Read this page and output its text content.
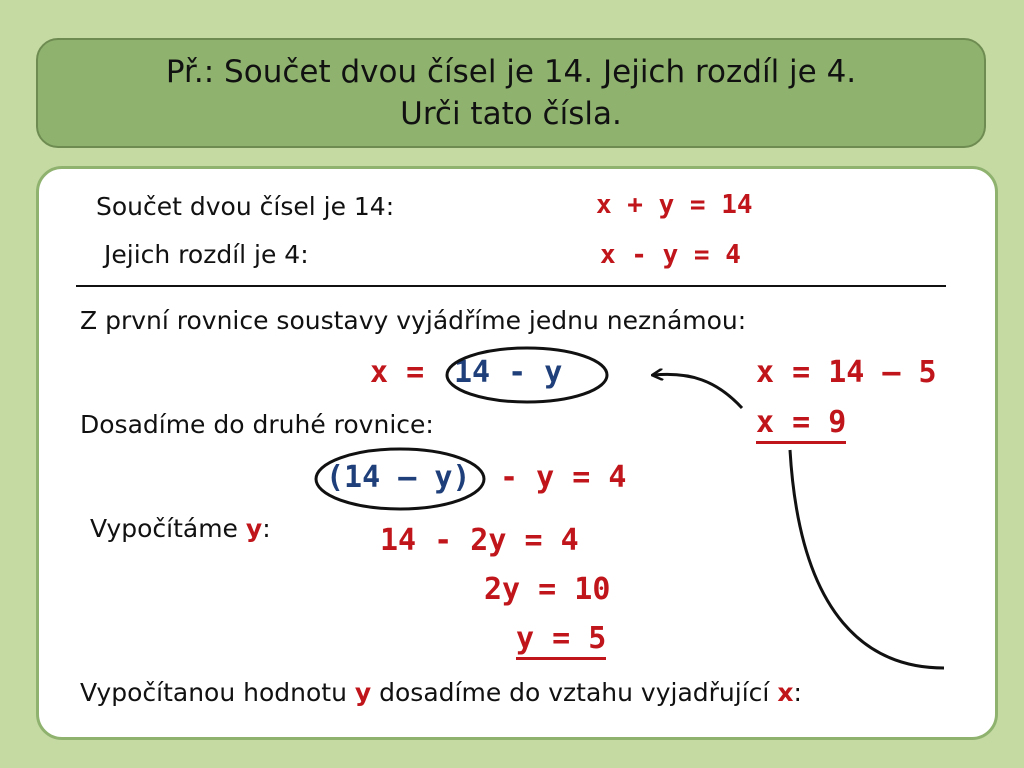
Př.: Součet dvou čísel je 14. Jejich rozdíl je 4.
Urči tato čísla.
Součet dvou čísel je 14:	x + y = 14
Jejich rozdíl je 4:	x - y = 4
Z první rovnice soustavy vyjádříme jednu neznámou:
x = 14 - y	x = 14 – 5
x = 9
Dosadíme do druhé rovnice:
(14 – y) - y = 4
Vypočítáme y:	14 - 2y = 4
2y = 10
y = 5
Vypočítanou hodnotu y dosadíme do vztahu vyjadřující x:
